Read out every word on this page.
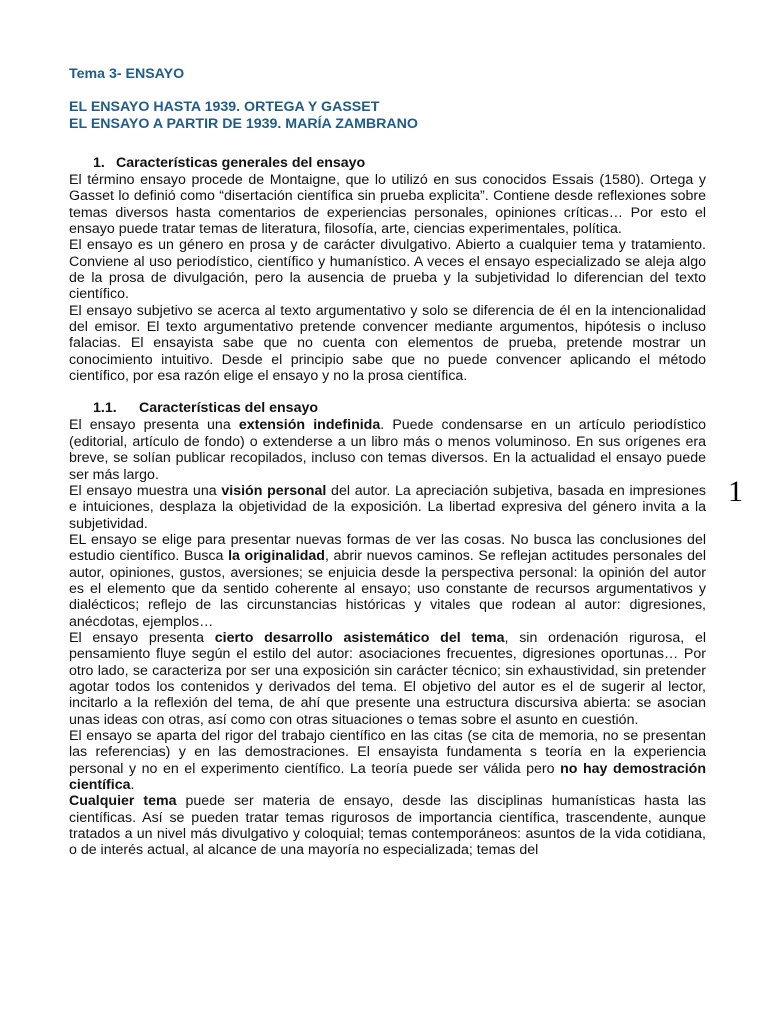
Tema 3- ENSAYO
EL ENSAYO HASTA 1939. ORTEGA Y GASSET
EL ENSAYO A PARTIR DE 1939. MARÍA ZAMBRANO
1. Características generales del ensayo

El término ensayo procede de Montaigne, que lo utilizó en sus conocidos Essais (1580). Ortega y Gasset lo definió como “disertación científica sin prueba explicita”. Contiene desde reflexiones sobre temas diversos hasta comentarios de experiencias personales, opiniones críticas… Por esto el ensayo puede tratar temas de literatura, filosofía, arte, ciencias experimentales, política.

El ensayo es un género en prosa y de carácter divulgativo. Abierto a cualquier tema y tratamiento. Conviene al uso periodístico, científico y humanístico. A veces el ensayo especializado se aleja algo de la prosa de divulgación, pero la ausencia de prueba y la subjetividad lo diferencian del texto científico.

El ensayo subjetivo se acerca al texto argumentativo y solo se diferencia de él en la intencionalidad del emisor. El texto argumentativo pretende convencer mediante argumentos, hipótesis o incluso falacias. El ensayista sabe que no cuenta con elementos de prueba, pretende mostrar un conocimiento intuitivo. Desde el principio sabe que no puede convencer aplicando el método científico, por esa razón elige el ensayo y no la prosa científica.

1.1. Características del ensayo

El ensayo presenta una extensión indefinida. Puede condensarse en un artículo periodístico (editorial, artículo de fondo) o extenderse a un libro más o menos voluminoso. En sus orígenes era breve, se solían publicar recopilados, incluso con temas diversos. En la actualidad el ensayo puede ser más largo.

El ensayo muestra una visión personal del autor. La apreciación subjetiva, basada en impresiones e intuiciones, desplaza la objetividad de la exposición. La libertad expresiva del género invita a la subjetividad.

EL ensayo se elige para presentar nuevas formas de ver las cosas. No busca las conclusiones del estudio científico. Busca la originalidad, abrir nuevos caminos. Se reflejan actitudes personales del autor, opiniones, gustos, aversiones; se enjuicia desde la perspectiva personal: la opinión del autor es el elemento que da sentido coherente al ensayo; uso constante de recursos argumentativos y dialécticos; reflejo de las circunstancias históricas y vitales que rodean al autor: digresiones, anécdotas, ejemplos…

El ensayo presenta cierto desarrollo asistemático del tema, sin ordenación rigurosa, el pensamiento fluye según el estilo del autor: asociaciones frecuentes, digresiones oportunas… Por otro lado, se caracteriza por ser una exposición sin carácter técnico; sin exhaustividad, sin pretender agotar todos los contenidos y derivados del tema. El objetivo del autor es el de sugerir al lector, incitarlo a la reflexión del tema, de ahí que presente una estructura discursiva abierta: se asocian unas ideas con otras, así como con otras situaciones o temas sobre el asunto en cuestión.

El ensayo se aparta del rigor del trabajo científico en las citas (se cita de memoria, no se presentan las referencias) y en las demostraciones. El ensayista fundamenta s teoría en la experiencia personal y no en el experimento científico. La teoría puede ser válida pero no hay demostración científica.

Cualquier tema puede ser materia de ensayo, desde las disciplinas humanísticas hasta las científicas. Así se pueden tratar temas rigurosos de importancia científica, trascendente, aunque tratados a un nivel más divulgativo y coloquial; temas contemporáneos: asuntos de la vida cotidiana, o de interés actual, al alcance de una mayoría no especializada; temas del

1
